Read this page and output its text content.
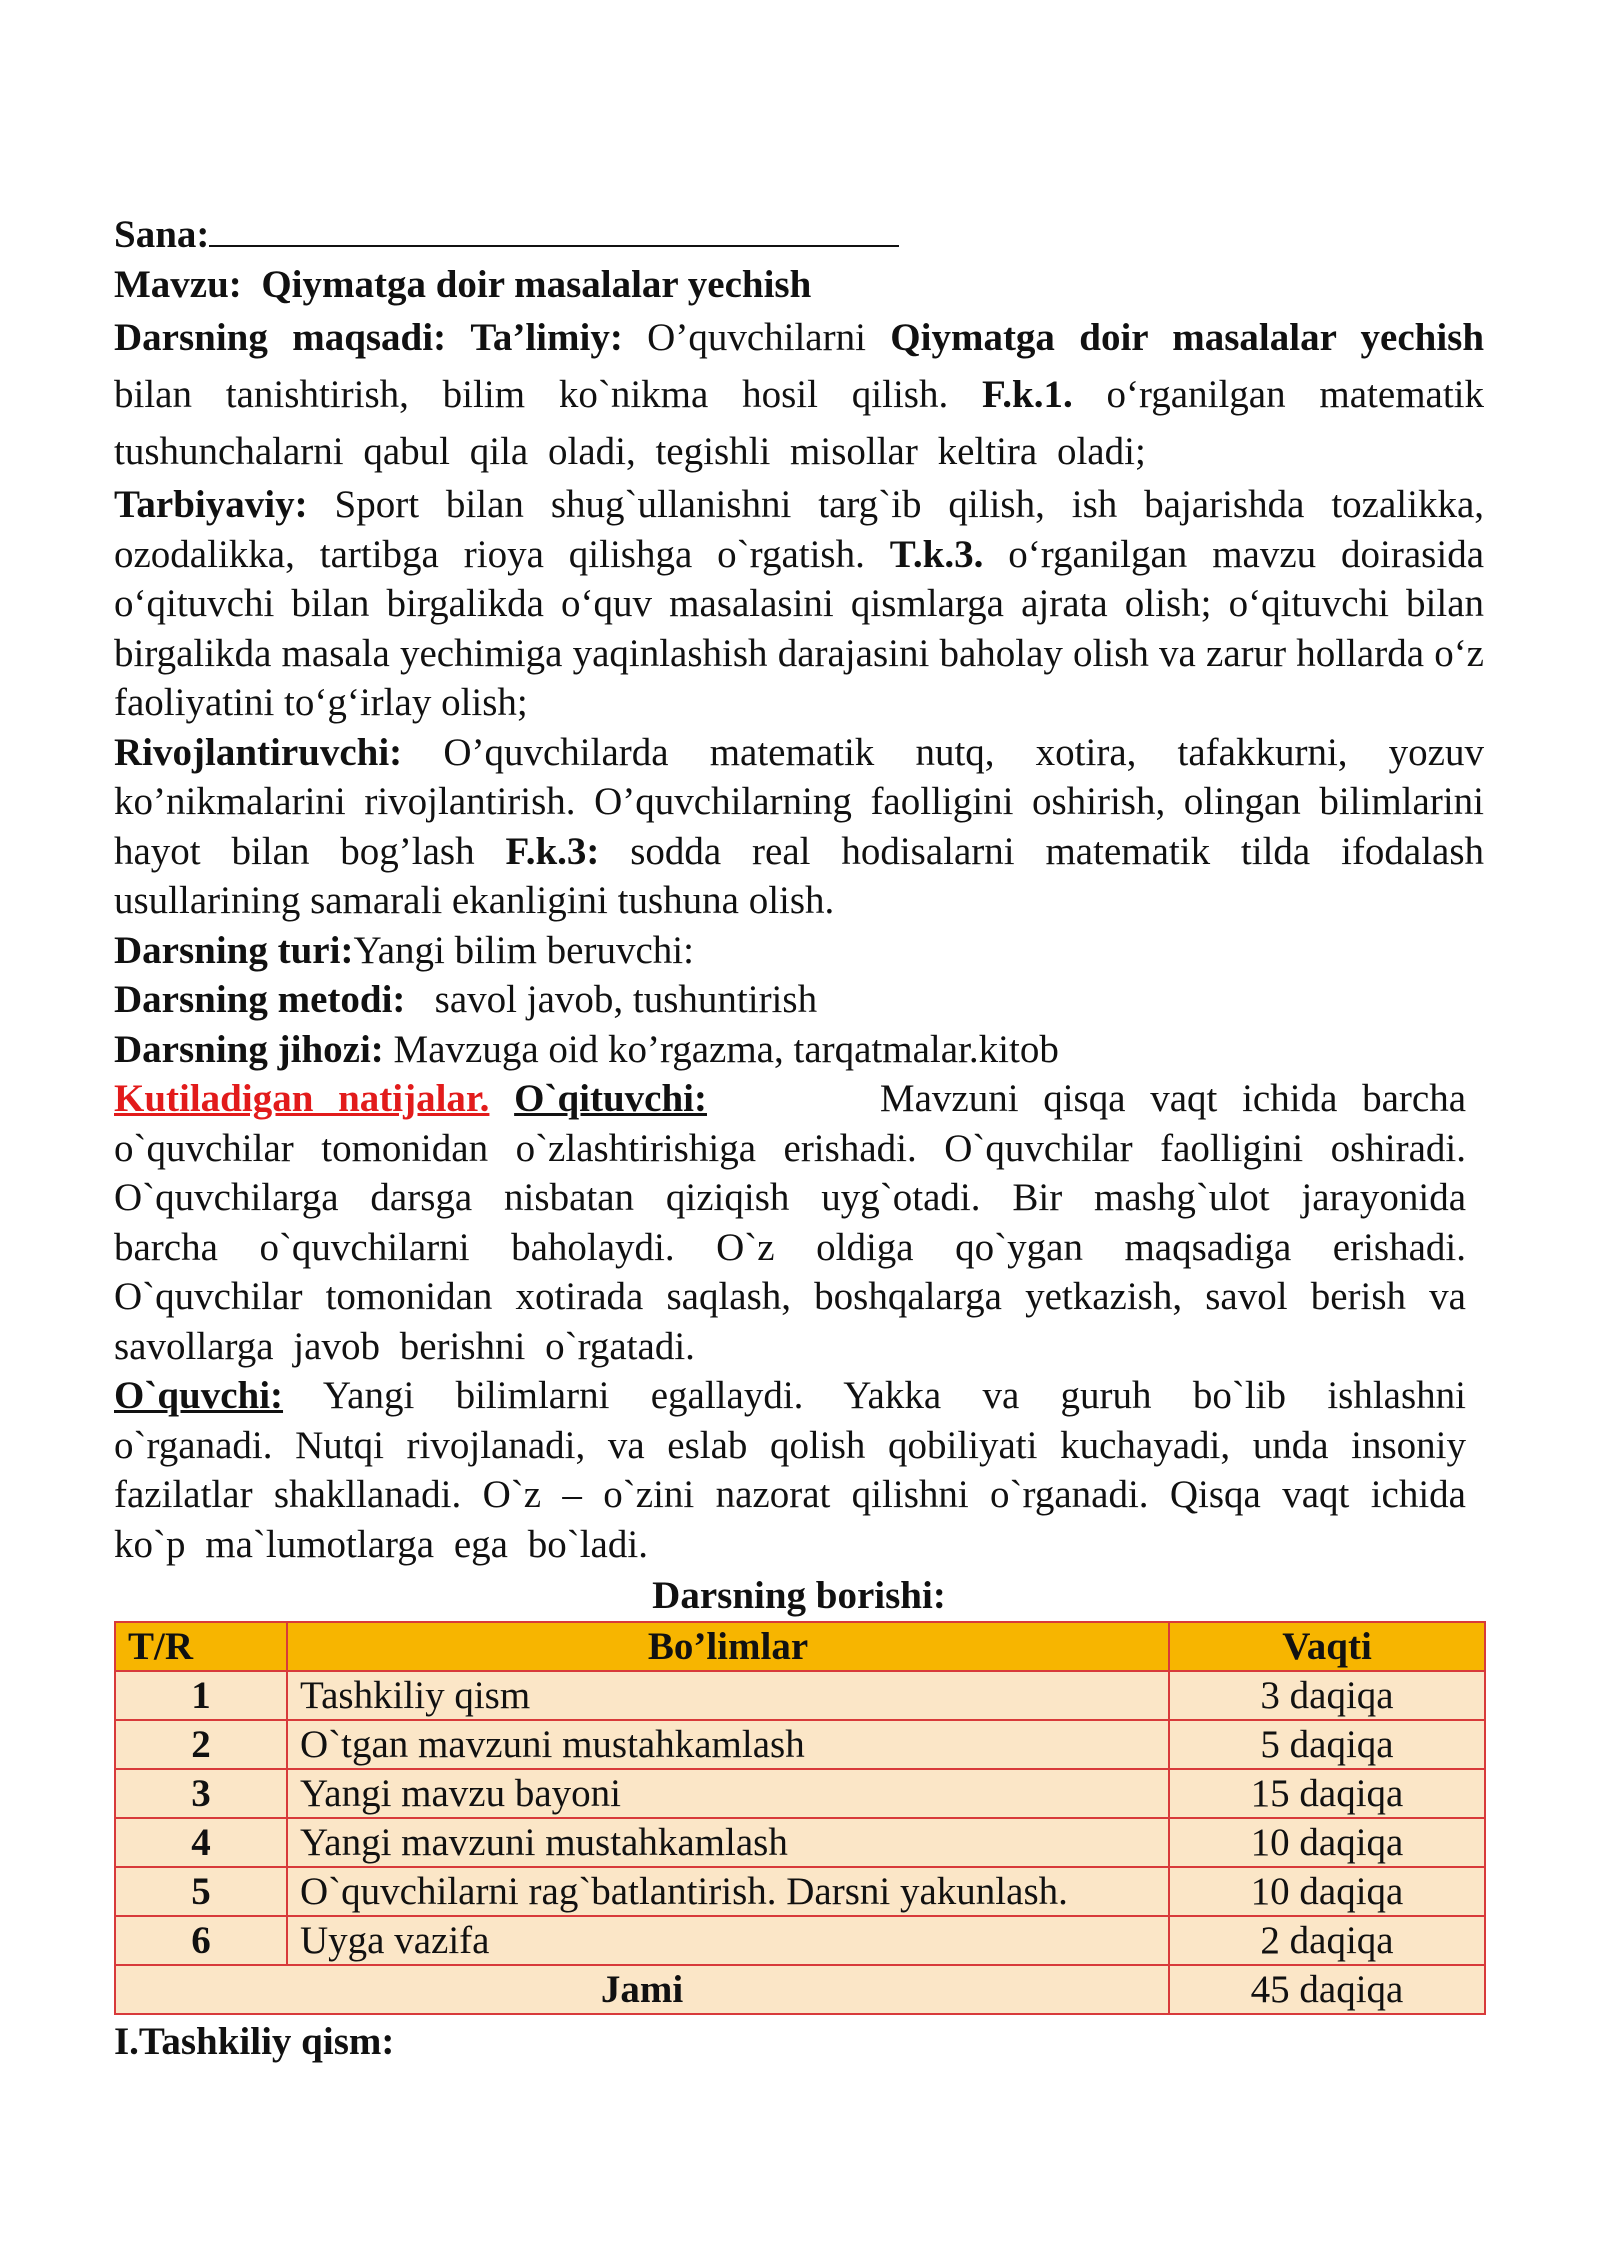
Sana:

Mavzu: Qiymatga doir masalalar yechish

Darsning maqsadi: Ta’limiy: O’quvchilarni Qiymatga doir masalalar yechish bilan tanishtirish, bilim ko`nikma hosil qilish. F.k.1. o‘rganilgan matematik tushunchalarni qabul qila oladi, tegishli misollar keltira oladi;

Tarbiyaviy: Sport bilan shug`ullanishni targ`ib qilish, ish bajarishda tozalikka, ozodalikka, tartibga rioya qilishga o`rgatish. T.k.3. o‘rganilgan mavzu doirasida o‘qituvchi bilan birgalikda o‘quv masalasini qismlarga ajrata olish; o‘qituvchi bilan birgalikda masala yechimiga yaqinlashish darajasini baholay olish va zarur hollarda o‘z faoliyatini to‘g‘irlay olish;

Rivojlantiruvchi: O’quvchilarda matematik nutq, xotira, tafakkurni, yozuv ko’nikmalarini rivojlantirish. O’quvchilarning faolligini oshirish, olingan bilimlarini hayot bilan bog’lash F.k.3: sodda real hodisalarni matematik tilda ifodalash usullarining samarali ekanligini tushuna olish.

Darsning turi:Yangi bilim beruvchi:

Darsning metodi: savol javob, tushuntirish

Darsning jihozi: Mavzuga oid ko’rgazma, tarqatmalar.kitob

Kutiladigan natijalar. O`qituvchi:	Mavzuni qisqa vaqt ichida barcha o`quvchilar tomonidan o`zlashtirishiga erishadi. O`quvchilar faolligini oshiradi. O`quvchilarga darsga nisbatan qiziqish uyg`otadi. Bir mashg`ulot jarayonida barcha o`quvchilarni baholaydi. O`z oldiga qo`ygan maqsadiga erishadi. O`quvchilar tomonidan xotirada saqlash, boshqalarga yetkazish, savol berish va savollarga javob berishni o`rgatadi.

O`quvchi: Yangi bilimlarni egallaydi. Yakka va guruh bo`lib ishlashni o`rganadi. Nutqi rivojlanadi, va eslab qolish qobiliyati kuchayadi, unda insoniy fazilatlar shakllanadi. O`z – o`zini nazorat qilishni o`rganadi. Qisqa vaqt ichida ko`p ma`lumotlarga ega bo`ladi.

Darsning borishi:

T/R	Bo’limlar	Vaqti
1	Tashkiliy qism	3 daqiqa
2	O`tgan mavzuni mustahkamlash	5 daqiqa
3	Yangi mavzu bayoni	15 daqiqa
4	Yangi mavzuni mustahkamlash	10 daqiqa
5	O`quvchilarni rag`batlantirish. Darsni yakunlash.	10 daqiqa
6	Uyga vazifa	2 daqiqa
Jami		45 daqiqa

I.Tashkiliy qism:
